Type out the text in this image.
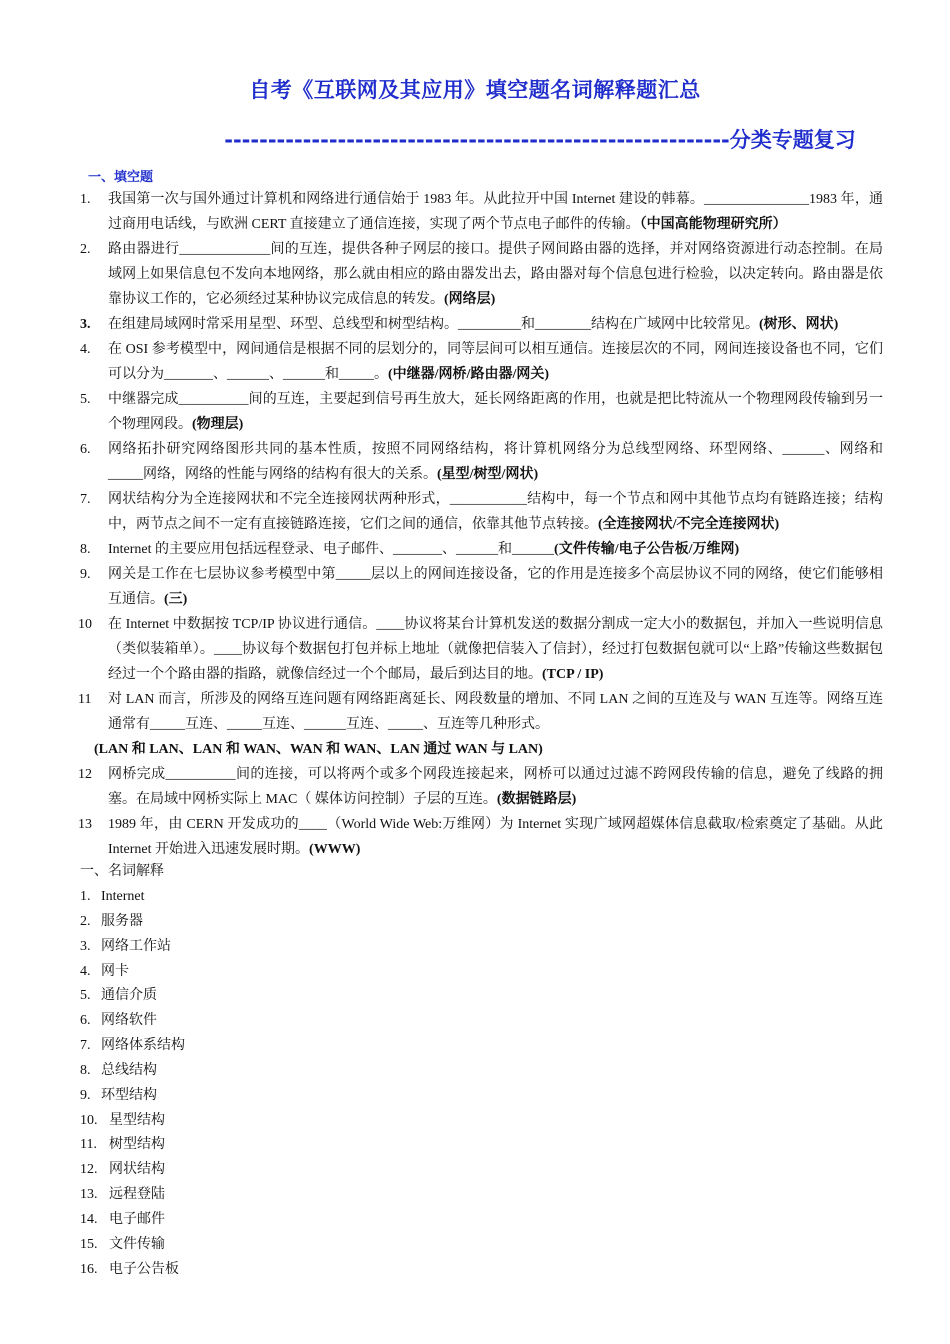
自考《互联网及其应用》填空题名词解释题汇总
----------------------------------------------------------分类专题复习
一、填空题
1.	我国第一次与国外通过计算机和网络进行通信始于 1983 年。从此拉开中国 Internet 建设的韩幕。_______________1983 年，通过商用电话线，与欧洲 CERT 直接建立了通信连接，实现了两个节点电子邮件的传输。（中国高能物理研究所）
2.	路由器进行_____________间的互连，提供各种子网层的接口。提供子网间路由器的选择，并对网络资源进行动态控制。在局域网上如果信息包不发向本地网络，那么就由相应的路由器发出去，路由器对每个信息包进行检验，以决定转向。路由器是依靠协议工作的，它必须经过某种协议完成信息的转发。(网络层)
3.	在组建局域网时常采用星型、环型、总线型和树型结构。_________和________结构在广域网中比较常见。(树形、网状)
4.	在 OSI 参考模型中，网间通信是根据不同的层划分的，同等层间可以相互通信。连接层次的不同，网间连接设备也不同，它们可以分为_______、______、______和_____。(中继器/网桥/路由器/网关)
5.	中继器完成__________间的互连，主要起到信号再生放大，延长网络距离的作用，也就是把比特流从一个物理网段传输到另一个物理网段。(物理层)
6.	网络拓扑研究网络图形共同的基本性质，按照不同网络结构，将计算机网络分为总线型网络、环型网络、______、网络和_____网络，网络的性能与网络的结构有很大的关系。(星型/树型/网状)
7.	网状结构分为全连接网状和不完全连接网状两种形式，___________结构中，每一个节点和网中其他节点均有链路连接；结构中，两节点之间不一定有直接链路连接，它们之间的通信，依靠其他节点转接。(全连接网状/不完全连接网状)
8.	Internet 的主要应用包括远程登录、电子邮件、_______、______和______(文件传输/电子公告板/万维网)
9.	网关是工作在七层协议参考模型中第_____层以上的网间连接设备，它的作用是连接多个高层协议不同的网络，使它们能够相互通信。(三)
10	在 Internet 中数据按 TCP/IP 协议进行通信。____协议将某台计算机发送的数据分割成一定大小的数据包，并加入一些说明信息（类似装箱单）。____协议每个数据包打包并标上地址（就像把信装入了信封），经过打包数据包就可以“上路”传输这些数据包经过一个个路由器的指路，就像信经过一个个邮局，最后到达目的地。(TCP / IP)
11	对 LAN 而言，所涉及的网络互连问题有网络距离延长、网段数量的增加、不同 LAN 之间的互连及与 WAN 互连等。网络互连通常有_____互连、_____互连、______互连、_____、互连等几种形式。
(LAN 和 LAN、LAN 和 WAN、WAN 和 WAN、LAN 通过 WAN 与 LAN)
12	网桥完成__________间的连接，可以将两个或多个网段连接起来，网桥可以通过过滤不跨网段传输的信息，避免了线路的拥塞。在局域中网桥实际上 MAC（ 媒体访问控制）子层的互连。(数据链路层)
13	1989 年，由 CERN 开发成功的____（World Wide Web:万维网）为 Internet 实现广域网超媒体信息截取/检索奠定了基础。从此 Internet 开始进入迅速发展时期。(WWW)
一、名词解释
1. Internet
2. 服务器
3. 网络工作站
4. 网卡
5. 通信介质
6. 网络软件
7. 网络体系结构
8. 总线结构
9. 环型结构
10. 星型结构
11. 树型结构
12. 网状结构
13. 远程登陆
14. 电子邮件
15. 文件传输
16. 电子公告板
